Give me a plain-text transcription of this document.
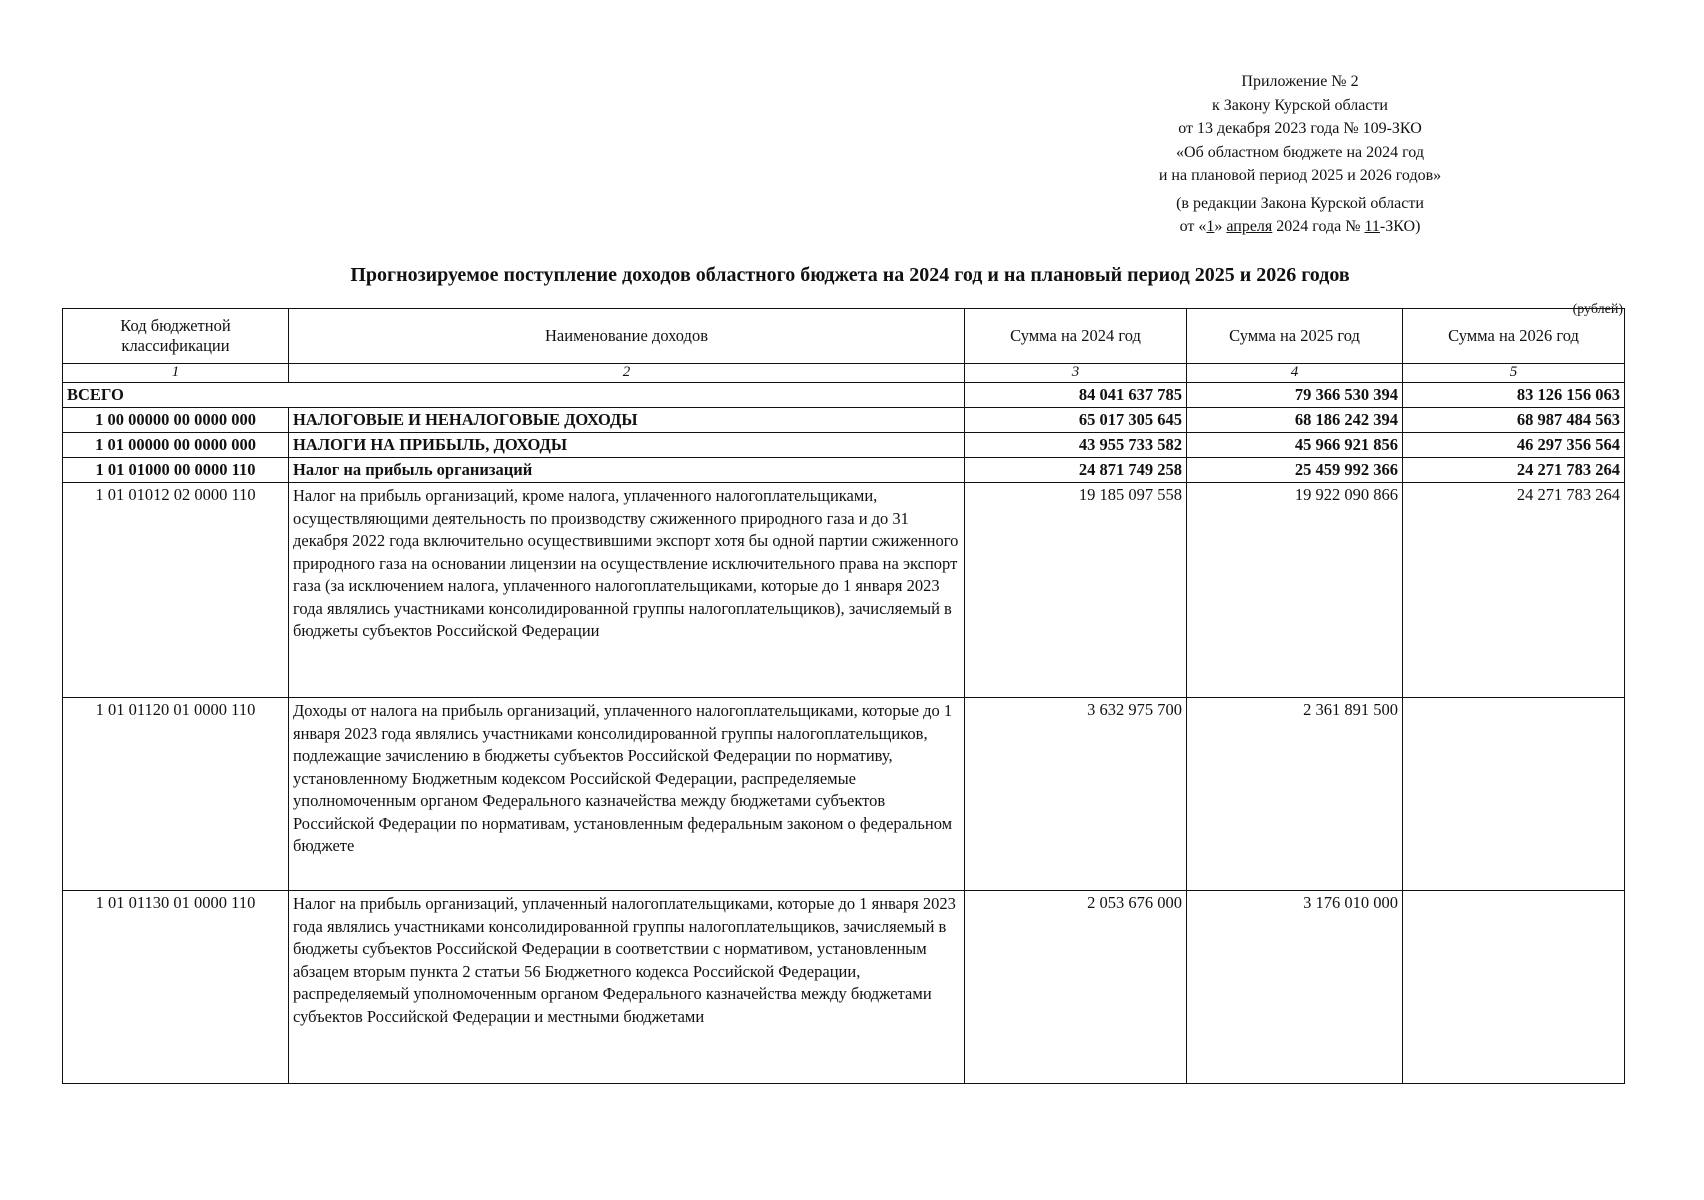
Приложение № 2
к Закону Курской области
от 13 декабря 2023 года № 109-ЗКО
«Об областном бюджете на 2024 год
и на плановой период 2025 и 2026 годов»
(в редакции Закона Курской области
от «1» апреля 2024 года № 11-ЗКО)
Прогнозируемое поступление доходов областного бюджета на 2024 год и на плановый период 2025 и 2026 годов
(рублей)
Код бюджетной классификации	Наименование доходов	Сумма на 2024 год	Сумма на 2025 год	Сумма на 2026 год
1	2	3	4	5
ВСЕГО		84 041 637 785	79 366 530 394	83 126 156 063
1 00 00000 00 0000 000	НАЛОГОВЫЕ И НЕНАЛОГОВЫЕ ДОХОДЫ	65 017 305 645	68 186 242 394	68 987 484 563
1 01 00000 00 0000 000	НАЛОГИ НА ПРИБЫЛЬ, ДОХОДЫ	43 955 733 582	45 966 921 856	46 297 356 564
1 01 01000 00 0000 110	Налог на прибыль организаций	24 871 749 258	25 459 992 366	24 271 783 264
1 01 01012 02 0000 110	Налог на прибыль организаций, кроме налога, уплаченного налогоплательщиками, осуществляющими деятельность по производству сжиженного природного газа и до 31 декабря 2022 года включительно осуществившими экспорт хотя бы одной партии сжиженного природного газа на основании лицензии на осуществление исключительного права на экспорт газа (за исключением налога, уплаченного налогоплательщиками, которые до 1 января 2023 года являлись участниками консолидированной группы налогоплательщиков), зачисляемый в бюджеты субъектов Российской Федерации	19 185 097 558	19 922 090 866	24 271 783 264
1 01 01120 01 0000 110	Доходы от налога на прибыль организаций, уплаченного налогоплательщиками, которые до 1 января 2023 года являлись участниками консолидированной группы налогоплательщиков, подлежащие зачислению в бюджеты субъектов Российской Федерации по нормативу, установленному Бюджетным кодексом Российской Федерации, распределяемые уполномоченным органом Федерального казначейства между бюджетами субъектов Российской Федерации по нормативам, установленным федеральным законом о федеральном бюджете	3 632 975 700	2 361 891 500	
1 01 01130 01 0000 110	Налог на прибыль организаций, уплаченный налогоплательщиками, которые до 1 января 2023 года являлись участниками консолидированной группы налогоплательщиков, зачисляемый в бюджеты субъектов Российской Федерации в соответствии с нормативом, установленным абзацем вторым пункта 2 статьи 56 Бюджетного кодекса Российской Федерации, распределяемый уполномоченным органом Федерального казначейства между бюджетами субъектов Российской Федерации и местными бюджетами	2 053 676 000	3 176 010 000	
